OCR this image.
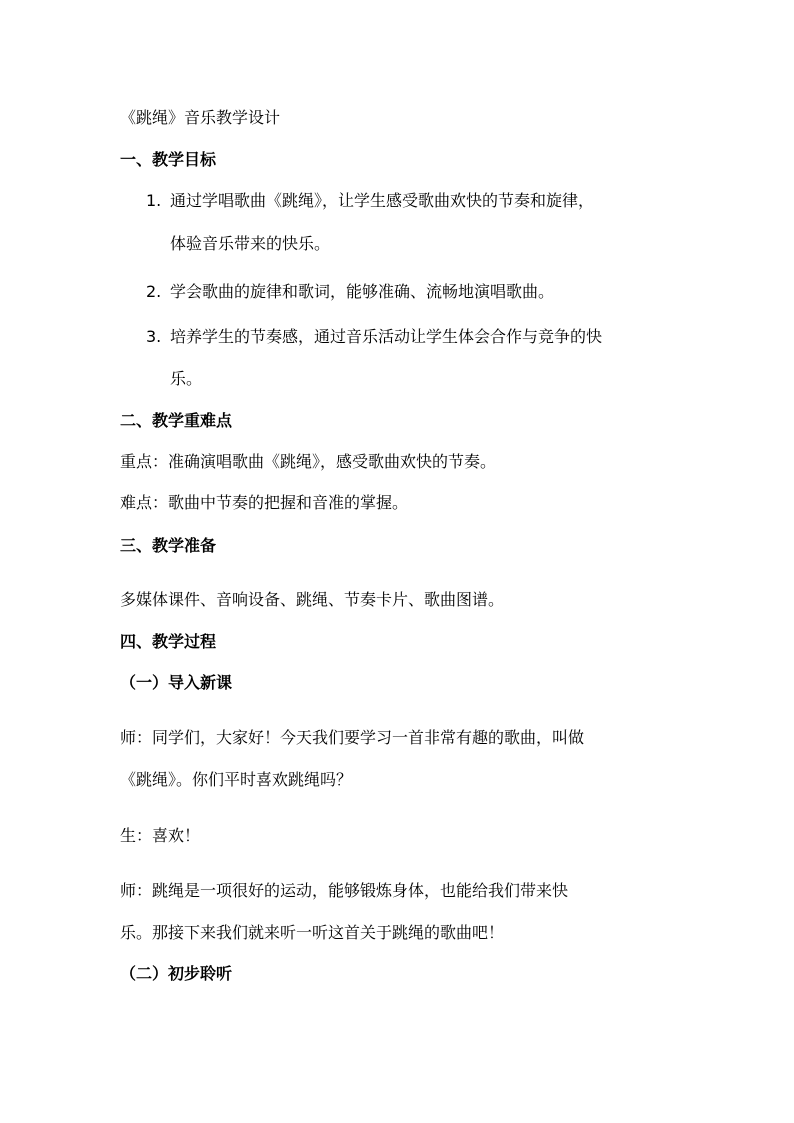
《跳绳》音乐教学设计
一、教学目标
1. 通过学唱歌曲《跳绳》，让学生感受歌曲欢快的节奏和旋律，
体验音乐带来的快乐。
2. 学会歌曲的旋律和歌词，能够准确、流畅地演唱歌曲。
3. 培养学生的节奏感，通过音乐活动让学生体会合作与竞争的快
乐。
二、教学重难点
重点：准确演唱歌曲《跳绳》，感受歌曲欢快的节奏。
难点：歌曲中节奏的把握和音准的掌握。
三、教学准备
多媒体课件、音响设备、跳绳、节奏卡片、歌曲图谱。
四、教学过程
（一）导入新课
师：同学们，大家好！今天我们要学习一首非常有趣的歌曲，叫做
《跳绳》。你们平时喜欢跳绳吗？
生：喜欢！
师：跳绳是一项很好的运动，能够锻炼身体，也能给我们带来快
乐。那接下来我们就来听一听这首关于跳绳的歌曲吧！
（二）初步聆听
